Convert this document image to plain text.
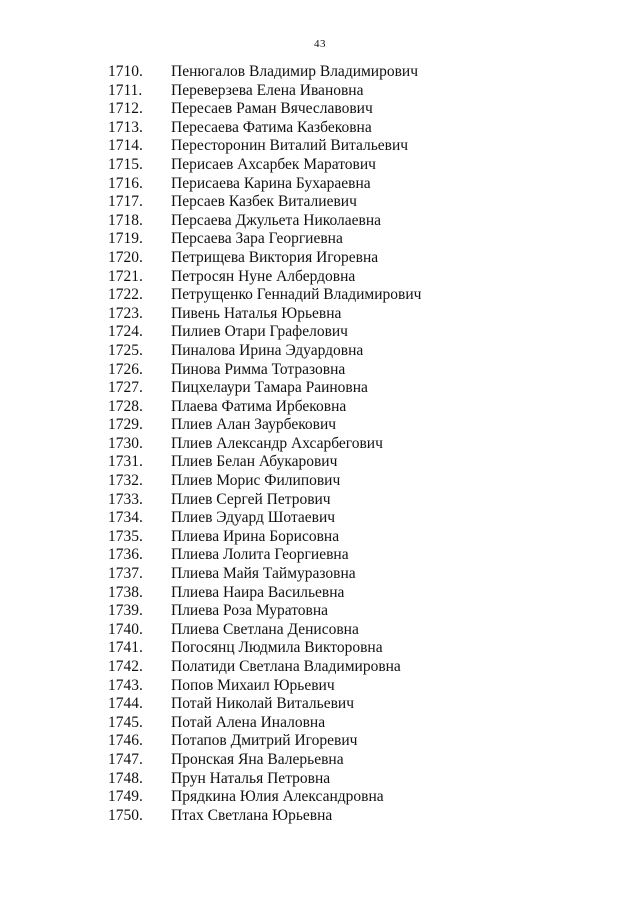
43
1710.	Пенюгалов Владимир Владимирович
1711.	Переверзева Елена Ивановна
1712.	Пересаев Раман Вячеславович
1713.	Пересаева Фатима Казбековна
1714.	Пересторонин Виталий Витальевич
1715.	Перисаев Ахсарбек Маратович
1716.	Перисаева Карина Бухараевна
1717.	Персаев Казбек Виталиевич
1718.	Персаева Джульета Николаевна
1719.	Персаева Зара Георгиевна
1720.	Петрищева Виктория Игоревна
1721.	Петросян Нуне Албердовна
1722.	Петрущенко Геннадий Владимирович
1723.	Пивень Наталья Юрьевна
1724.	Пилиев Отари Графелович
1725.	Пиналова Ирина Эдуардовна
1726.	Пинова Римма Тотразовна
1727.	Пицхелаури Тамара Раиновна
1728.	Плаева Фатима Ирбековна
1729.	Плиев Алан Заурбекович
1730.	Плиев Александр Ахсарбегович
1731.	Плиев Белан Абукарович
1732.	Плиев Морис Филипович
1733.	Плиев Сергей Петрович
1734.	Плиев Эдуард Шотаевич
1735.	Плиева Ирина Борисовна
1736.	Плиева Лолита Георгиевна
1737.	Плиева Майя Таймуразовна
1738.	Плиева Наира Васильевна
1739.	Плиева Роза Муратовна
1740.	Плиева Светлана Денисовна
1741.	Погосянц Людмила Викторовна
1742.	Полатиди Светлана Владимировна
1743.	Попов Михаил Юрьевич
1744.	Потай Николай Витальевич
1745.	Потай Алена Иналовна
1746.	Потапов Дмитрий Игоревич
1747.	Пронская Яна Валерьевна
1748.	Прун Наталья Петровна
1749.	Прядкина Юлия Александровна
1750.	Птах Светлана Юрьевна
